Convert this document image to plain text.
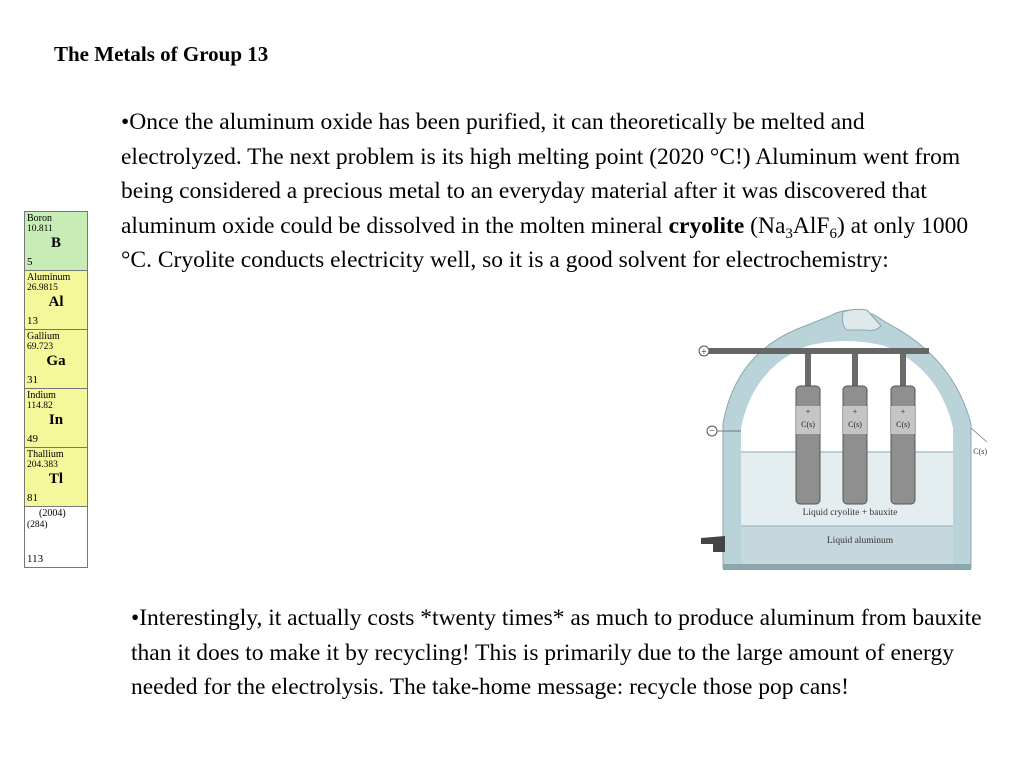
The Metals of Group 13
•Once the aluminum oxide has been purified, it can theoretically be melted and electrolyzed. The next problem is its high melting point (2020 °C!) Aluminum went from being considered a precious metal to an everyday material after it was discovered that aluminum oxide could be dissolved in the molten mineral cryolite $(Na_3AlF_6)$ at only 1000 °C. Cryolite conducts electricity well, so it is a good solvent for electrochemistry:
Boron
10.811
B
5
Aluminum
26.9815
Al
13
Gallium
69.723
Ga
31
Indium
114.82
In
49
Thallium
204.383
Tl
81
(2004)
(284)
113
+
+	+	+
C(s)	C(s)	C(s)
−
C(s)
Liquid cryolite + bauxite
Liquid aluminum
•Interestingly, it actually costs *twenty times* as much to produce aluminum from bauxite than it does to make it by recycling! This is primarily due to the large amount of energy needed for the electrolysis. The take-home message: recycle those pop cans!
